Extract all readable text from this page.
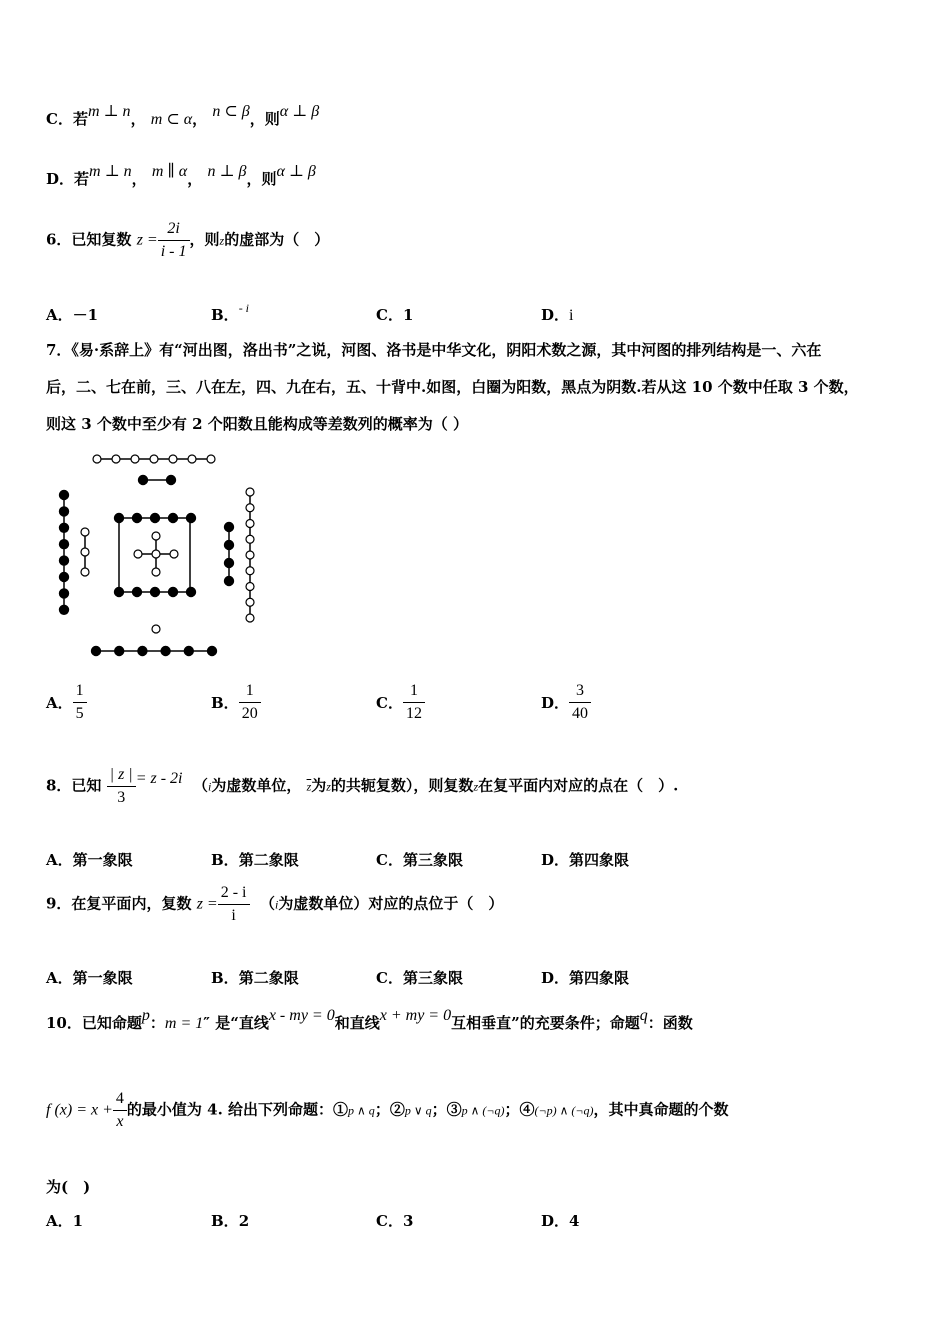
C．若m ⊥ n， m ⊂ α， n ⊂ β，则α ⊥ β
D．若m ⊥ n， m ∥ α， n ⊥ β，则α ⊥ β
6．已知复数 $z = \frac{2i}{i - 1}$ ，则z的虚部为（　）
A．－1	B．$^{- i}$	C．1	D．i
7．《易·系辞上》有“河出图，洛出书”之说，河图、洛书是中华文化，阴阳术数之源，其中河图的排列结构是一、六在
后，二、七在前，三、八在左，四、九在右，五、十背中.如图，白圈为阳数，黑点为阴数.若从这 10 个数中任取 3 个数，
则这 3 个数中至少有 2 个阳数且能构成等差数列的概率为（ ）
A． $\frac{1}{5}$	B． $\frac{1}{20}$	C． $\frac{1}{12}$	D． $\frac{3}{40}$
8．已知 $\frac{| z |}{3} = z - 2i$ （i为虚数单位， $\overline{z}$为z的共轭复数），则复数z在复平面内对应的点在（　）.
A．第一象限	B．第二象限	C．第三象限	D．第四象限
9．在复平面内，复数 $z = \frac{2 - i}{i} (i$为虚数单位）对应的点位于（　）
A．第一象限	B．第二象限	C．第三象限	D．第四象限
10．已知命题p：m = 1″ 是“直线x - my = 0和直线x + my = 0互相垂直”的充要条件；命题q：函数
f $(x) = x + \frac{4}{x}$ 的最小值为 4. 给出下列命题：①p ∧ q；②p ∨ q；③p ∧ (¬q)；④(¬p) ∧ (¬q)，其中真命题的个数
为(　)
A．1	B．2	C．3	D．4
